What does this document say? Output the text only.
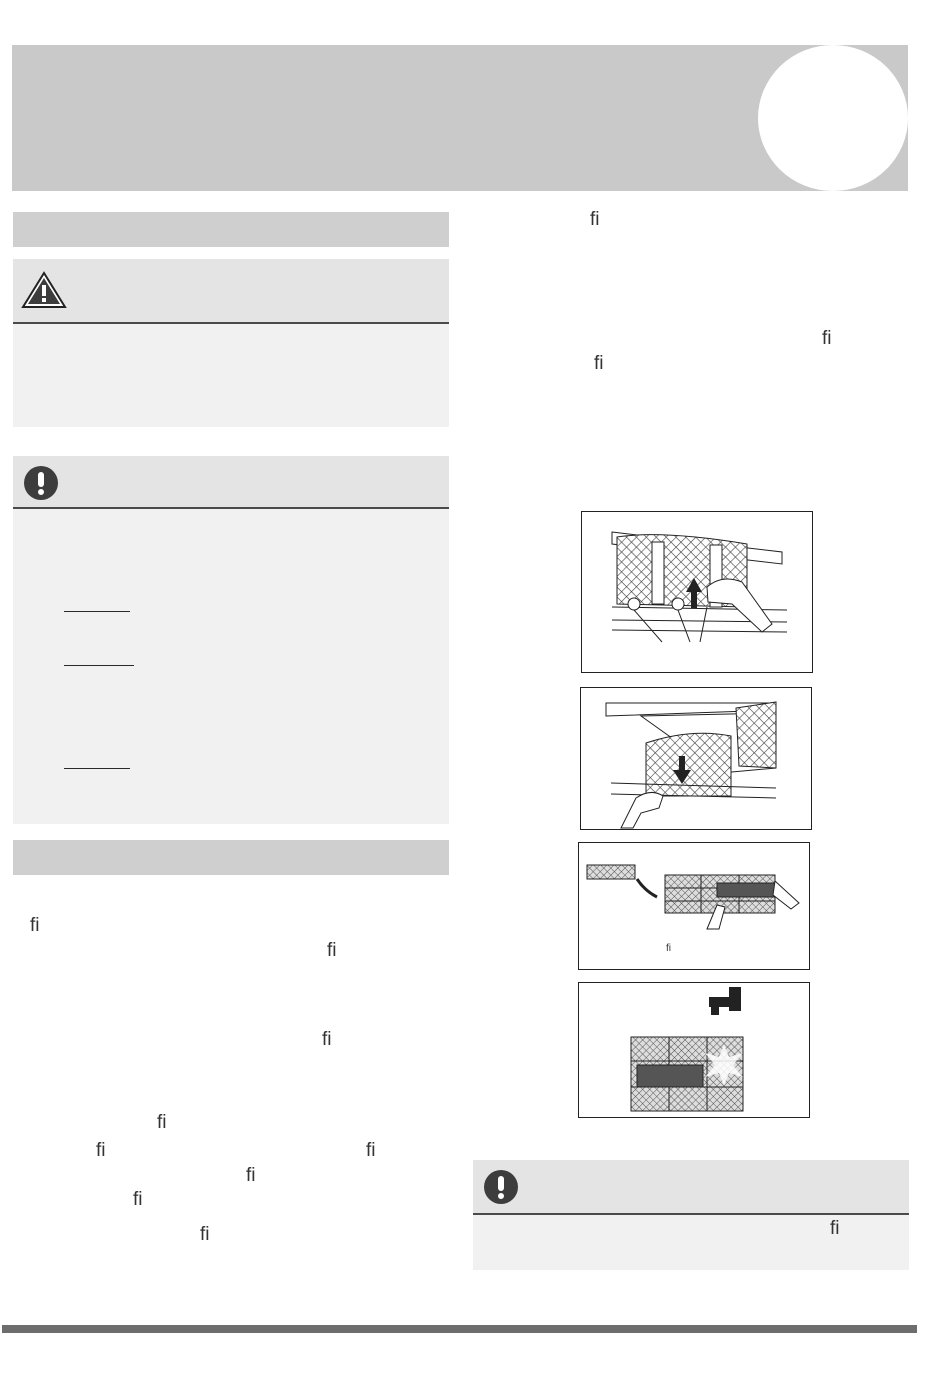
ﬁ
ﬁ
ﬁ
ﬁ
ﬁ	ﬁ
ﬁ
ﬁ
ﬁ
ﬁ
ﬁ
ﬁ
ﬁ
ﬁ
